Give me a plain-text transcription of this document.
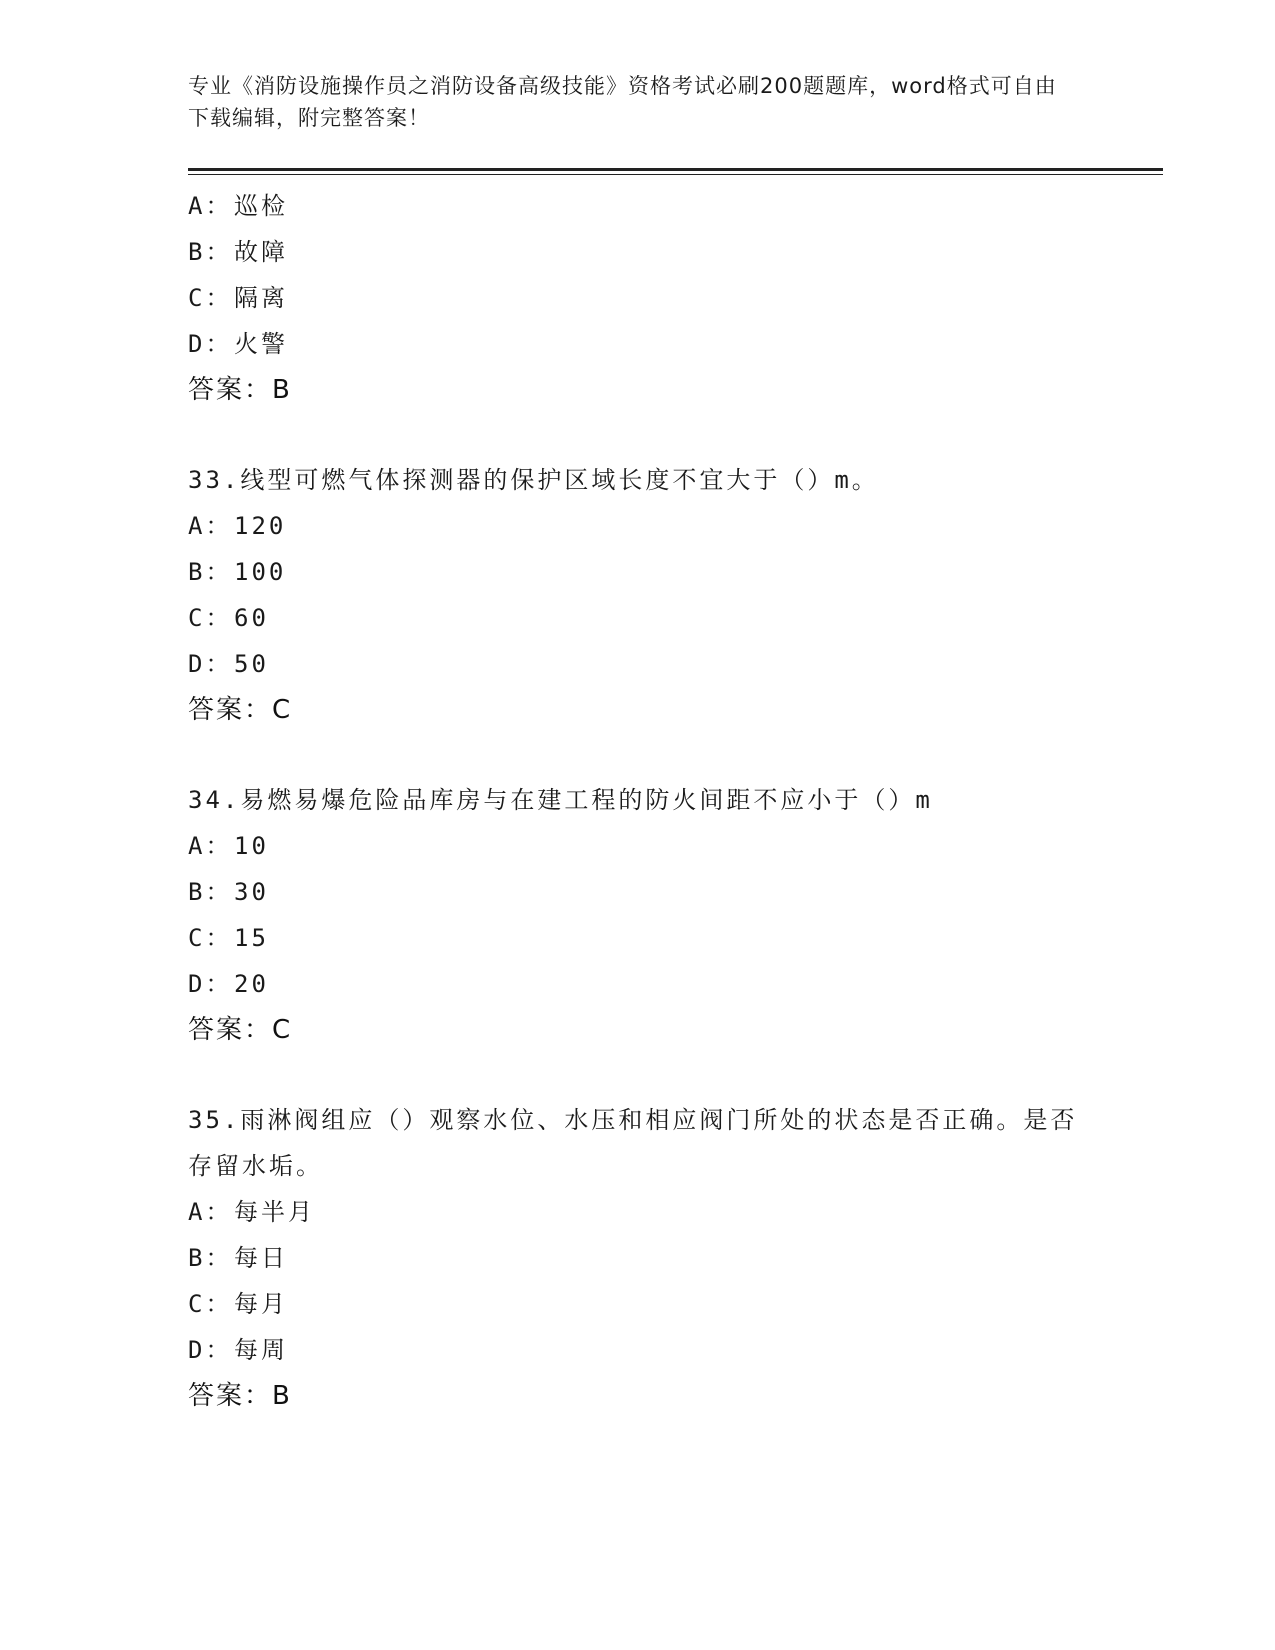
专业《消防设施操作员之消防设备高级技能》资格考试必刷200题题库，word格式可自由下载编辑，附完整答案！

A：巡检
B：故障
C：隔离
D：火警
答案：B
33.线型可燃气体探测器的保护区域长度不宜大于（）m。
A：120
B：100
C：60
D：50
答案：C
34.易燃易爆危险品库房与在建工程的防火间距不应小于（）m
A：10
B：30
C：15
D：20
答案：C
35.雨淋阀组应（）观察水位、水压和相应阀门所处的状态是否正确。是否存留水垢。
A：每半月
B：每日
C：每月
D：每周
答案：B
